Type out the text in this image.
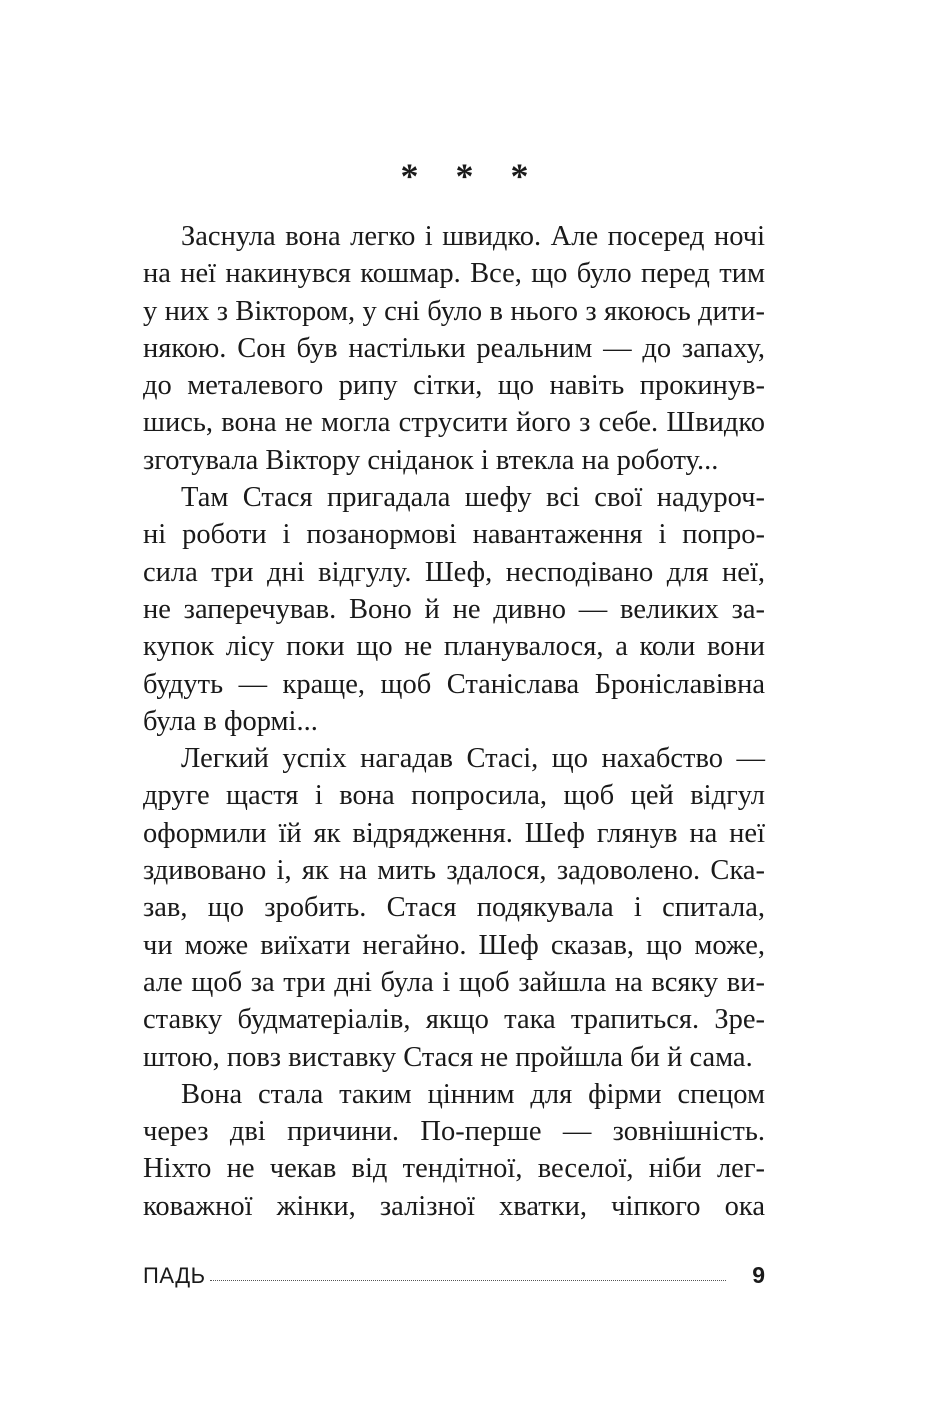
* * *
Заснула вона легко і швидко. Але посеред ночі
на неї накинувся кошмар. Все, що було перед тим
у них з Віктором, у сні було в нього з якоюсь дити-
някою. Сон був настільки реальним — до запаху,
до металевого рипу сітки, що навіть прокинув-
шись, вона не могла струсити його з себе. Швидко
зготувала Віктору сніданок і втекла на роботу...
Там Стася пригадала шефу всі свої надуроч-
ні роботи і позанормові навантаження і попро-
сила три дні відгулу. Шеф, несподівано для неї,
не заперечував. Воно й не дивно — великих за-
купок лісу поки що не планувалося, а коли вони
будуть — краще, щоб Станіслава Броніславівна
була в формі...
Легкий успіх нагадав Стасі, що нахабство —
друге щастя і вона попросила, щоб цей відгул
оформили їй як відрядження. Шеф глянув на неї
здивовано і, як на мить здалося, задоволено. Ска-
зав, що зробить. Стася подякувала і спитала,
чи може виїхати негайно. Шеф сказав, що може,
але щоб за три дні була і щоб зайшла на всяку ви-
ставку будматеріалів, якщо така трапиться. Зре-
штою, повз виставку Стася не пройшла би й сама.
Вона стала таким цінним для фірми спецом
через дві причини. По-перше — зовнішність.
Ніхто не чекав від тендітної, веселої, ніби лег-
коважної жінки, залізної хватки, чіпкого ока
ПАДЬ	9
